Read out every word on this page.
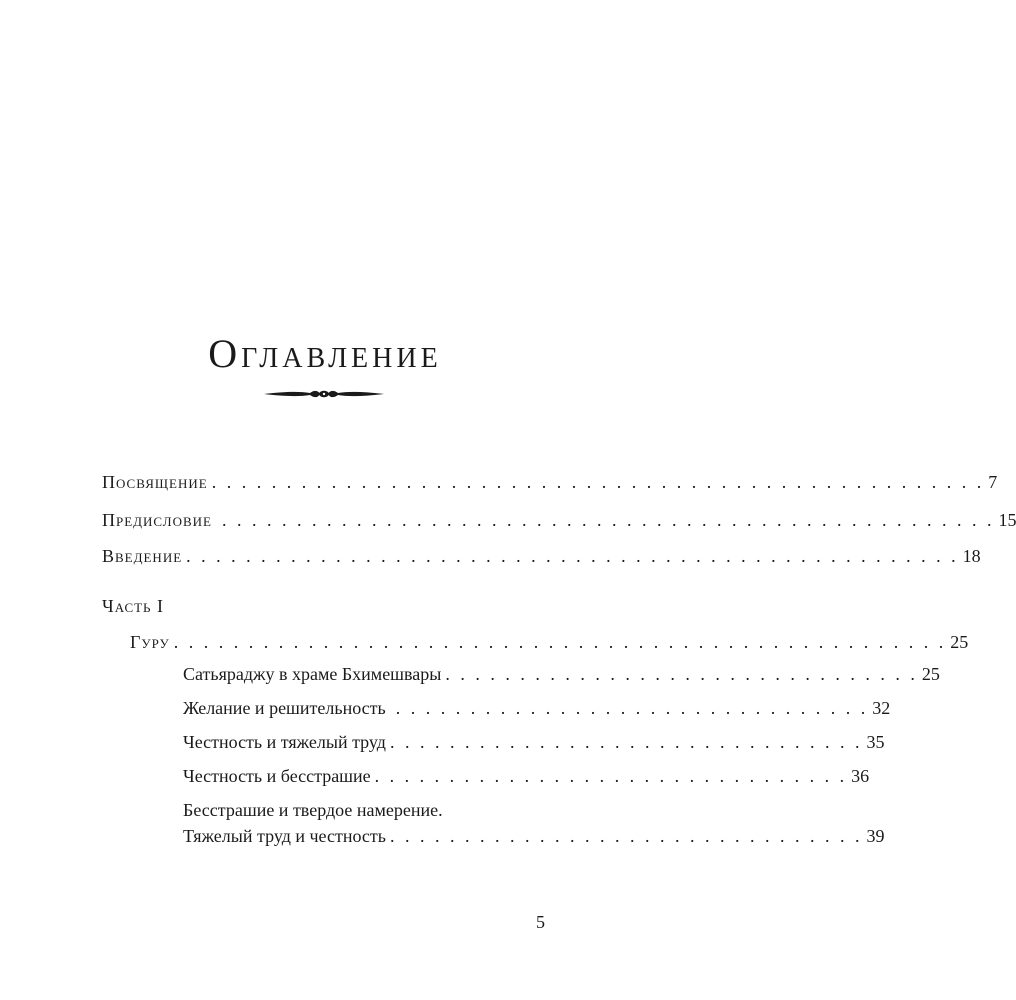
Оглавление
Посвящение . . . . . . . . . . . . . . . . . . . . . . . . . . . . . . . . . . . . . . . . . . . . . . . . . . . . 7
Предисловие . . . . . . . . . . . . . . . . . . . . . . . . . . . . . . . . . . . . . . . . . . . . . . . . . . . . 15
Введение . . . . . . . . . . . . . . . . . . . . . . . . . . . . . . . . . . . . . . . . . . . . . . . . . . . . 18
Часть I
Гуру . . . . . . . . . . . . . . . . . . . . . . . . . . . . . . . . . . . . . . . . . . . . . . . . . . . . 25
Сатьяраджу в храме Бхимешвары . . . . . . . . . . . . . . . . . . . . . . . . . . . . . . . . 25
Желание и решительность . . . . . . . . . . . . . . . . . . . . . . . . . . . . . . . . 32
Честность и тяжелый труд . . . . . . . . . . . . . . . . . . . . . . . . . . . . . . . . 35
Честность и бесстрашие . . . . . . . . . . . . . . . . . . . . . . . . . . . . . . . . 36
Бесстрашие и твердое намерение.
Тяжелый труд и честность . . . . . . . . . . . . . . . . . . . . . . . . . . . . . . . . 39
5
